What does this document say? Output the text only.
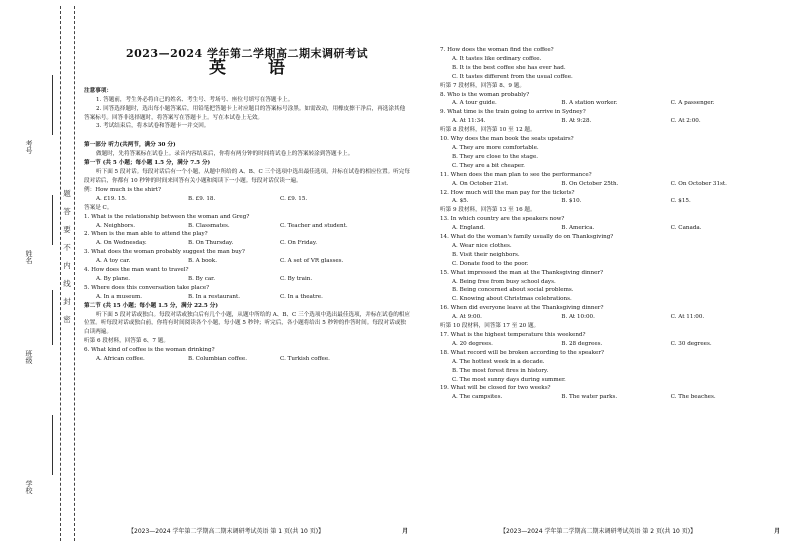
考号
姓名
班级
学校
题
答
要
不
内
线
封
密
2023—2024 学年第二学期高二期末调研考试
英 语

注意事项：

1. 答题前，考生务必将自己的姓名、考生号、考场号、座位号填写在答题卡上。

2. 回答选择题时，选出每小题答案后，用铅笔把答题卡上对应题目的答案标号涂黑。如需改动，用橡皮擦干净后，再选涂其他答案标号。回答非选择题时，将答案写在答题卡上。写在本试卷上无效。

3. 考试结束后，将本试卷和答题卡一并交回。

第一部分 听力(共两节，满分 30 分)

做题时，先将答案标在试卷上。录音内容结束后，你将有两分钟的时间将试卷上的答案转涂到答题卡上。

第一节 (共 5 小题；每小题 1.5 分，满分 7.5 分)

听下面 5 段对话。每段对话后有一个小题，从题中所给的 A、B、C 三个选项中选出最佳选项，并标在试卷的相应位置。听完每段对话后，你都有 10 秒钟的时间来回答有关小题和阅读下一小题。每段对话仅读一遍。

例：How much is the shirt?

A. £19. 15.	B. £9. 18.	C. £9. 15.

答案是 C。

1. What is the relationship between the woman and Greg?

A. Neighbors.	B. Classmates.	C. Teacher and student.

2. When is the man able to attend the play?

A. On Wednesday.	B. On Thursday.	C. On Friday.

3. What does the woman probably suggest the man buy?

A. A toy car.	B. A book.	C. A set of VR glasses.

4. How does the man want to travel?

A. By plane.	B. By car.	C. By train.

5. Where does this conversation take place?

A. In a museum.	B. In a restaurant.	C. In a theatre.

第二节 (共 15 小题；每小题 1.5 分，满分 22.5 分)

听下面 5 段对话或独白。每段对话或独白后有几个小题，从题中所给的 A、B、C 三个选项中选出最佳选项，并标在试卷的相应位置。听每段对话或独白前，你将有时间阅读各个小题，每小题 5 秒钟；听完后，各小题将给出 5 秒钟的作答时间。每段对话或独白读两遍。

听第 6 段材料，回答第 6、7 题。

6. What kind of coffee is the woman drinking?

A. African coffee.	B. Columbian coffee.	C. Turkish coffee.

7. How does the woman find the coffee?

A. It tastes like ordinary coffee.

B. It is the best coffee she has ever had.

C. It tastes different from the usual coffee.

听第 7 段材料，回答第 8、9 题。

8. Who is the woman probably?

A. A tour guide.	B. A station worker.	C. A passenger.

9. What time is the train going to arrive in Sydney?

A. At 11:34.	B. At 9:28.	C. At 2:00.

听第 8 段材料，回答第 10 至 12 题。

10. Why does the man book the seats upstairs?

A. They are more comfortable.

B. They are close to the stage.

C. They are a bit cheaper.

11. When does the man plan to see the performance?

A. On October 21st.	B. On October 25th.	C. On October 31st.

12. How much will the man pay for the tickets?

A. $5.	B. $10.	C. $15.

听第 9 段材料，回答第 13 至 16 题。

13. In which country are the speakers now?

A. England.	B. America.	C. Canada.

14. What do the woman's family usually do on Thanksgiving?

A. Wear nice clothes.

B. Visit their neighbors.

C. Donate food to the poor.

15. What impressed the man at the Thanksgiving dinner?

A. Being free from busy school days.

B. Being concerned about social problems.

C. Knowing about Christmas celebrations.

16. When did everyone leave at the Thanksgiving dinner?

A. At 9:00.	B. At 10:00.	C. At 11:00.

听第 10 段材料，回答第 17 至 20 题。

17. What is the highest temperature this weekend?

A. 20 degrees.	B. 28 degrees.	C. 30 degrees.

18. What record will be broken according to the speaker?

A. The hottest week in a decade.

B. The most forest fires in history.

C. The most sunny days during summer.

19. What will be closed for two weeks?

A. The campsites.	B. The water parks.	C. The beaches.
【2023—2024 学年第二学期高二期末调研考试英语 第 1 页(共 10 页)】	月	【2023—2024 学年第二学期高二期末调研考试英语 第 2 页(共 10 页)】	月
